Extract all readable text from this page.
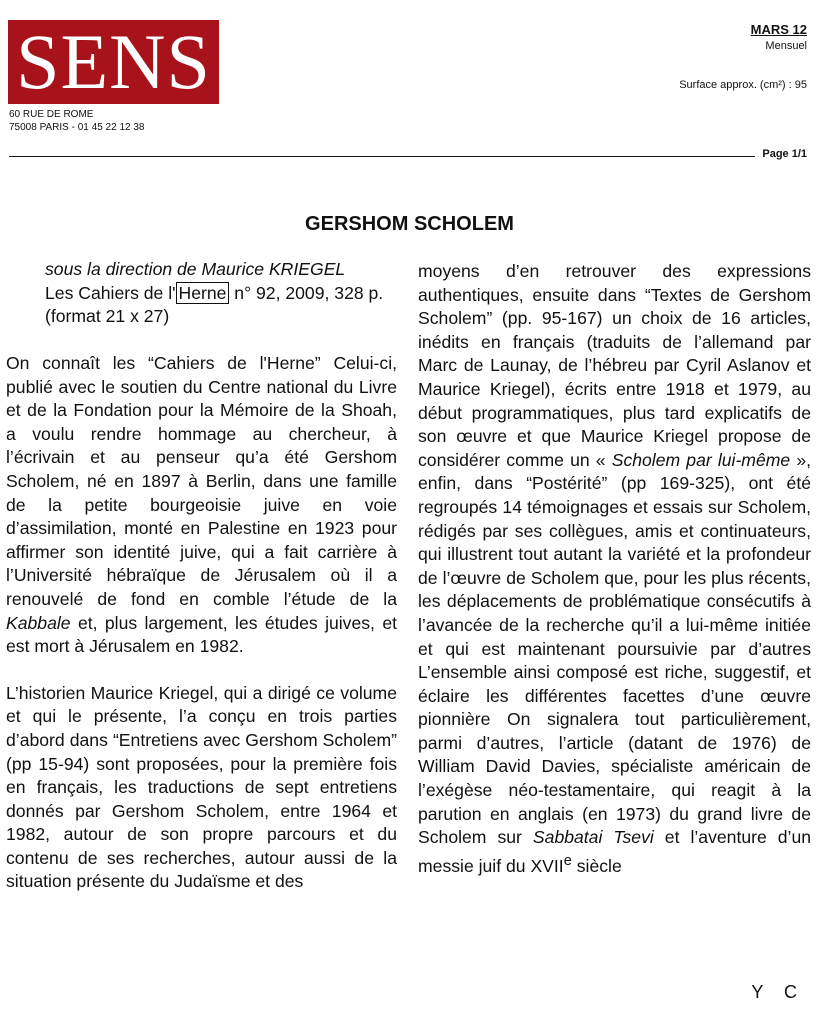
SENS
60 RUE DE ROME
75008 PARIS - 01 45 22 12 38
MARS 12
Mensuel
Surface approx. (cm²) : 95
Page 1/1
GERSHOM SCHOLEM
sous la direction de Maurice KRIEGEL
Les Cahiers de l' Herne n° 92, 2009, 328 p. (format 21 x 27)

On connaît les “Cahiers de l'Herne” Celui-ci, publié avec le soutien du Centre national du Livre et de la Fondation pour la Mémoire de la Shoah, a voulu rendre hommage au chercheur, à l’écrivain et au penseur qu’a été Gershom Scholem, né en 1897 à Berlin, dans une famille de la petite bourgeoisie juive en voie d’assimilation, monté en Palestine en 1923 pour affirmer son identité juive, qui a fait carrière à l’Université hébraïque de Jérusalem où il a renouvelé de fond en comble l’étude de la Kabbale et, plus largement, les études juives, et est mort à Jérusalem en 1982.

L’historien Maurice Kriegel, qui a dirigé ce volume et qui le présente, l’a conçu en trois parties d’abord dans “Entretiens avec Gershom Scholem” (pp 15-94) sont proposées, pour la première fois en français, les traductions de sept entretiens donnés par Gershom Scholem, entre 1964 et 1982, autour de son propre parcours et du contenu de ses recherches, autour aussi de la situation présente du Judaïsme et des

moyens d’en retrouver des expressions authentiques, ensuite dans “Textes de Gershom Scholem” (pp. 95-167) un choix de 16 articles, inédits en français (traduits de l’allemand par Marc de Launay, de l’hébreu par Cyril Aslanov et Maurice Kriegel), écrits entre 1918 et 1979, au début programmatiques, plus tard explicatifs de son œuvre et que Maurice Kriegel propose de considérer comme un « Scholem par lui-même », enfin, dans “Postérité” (pp 169-325), ont été regroupés 14 témoignages et essais sur Scholem, rédigés par ses collègues, amis et continuateurs, qui illustrent tout autant la variété et la profondeur de l’œuvre de Scholem que, pour les plus récents, les déplacements de problématique consécutifs à l’avancée de la recherche qu’il a lui-même initiée et qui est maintenant poursuivie par d’autres L’ensemble ainsi composé est riche, suggestif, et éclaire les différentes facettes d’une œuvre pionnière On signalera tout particulièrement, parmi d’autres, l’article (datant de 1976) de William David Davies, spécialiste américain de l’exégèse néo-testamentaire, qui reagit à la parution en anglais (en 1973) du grand livre de Scholem sur Sabbatai Tsevi et l’aventure d’un messie juif du XVIIe siècle

Y C
